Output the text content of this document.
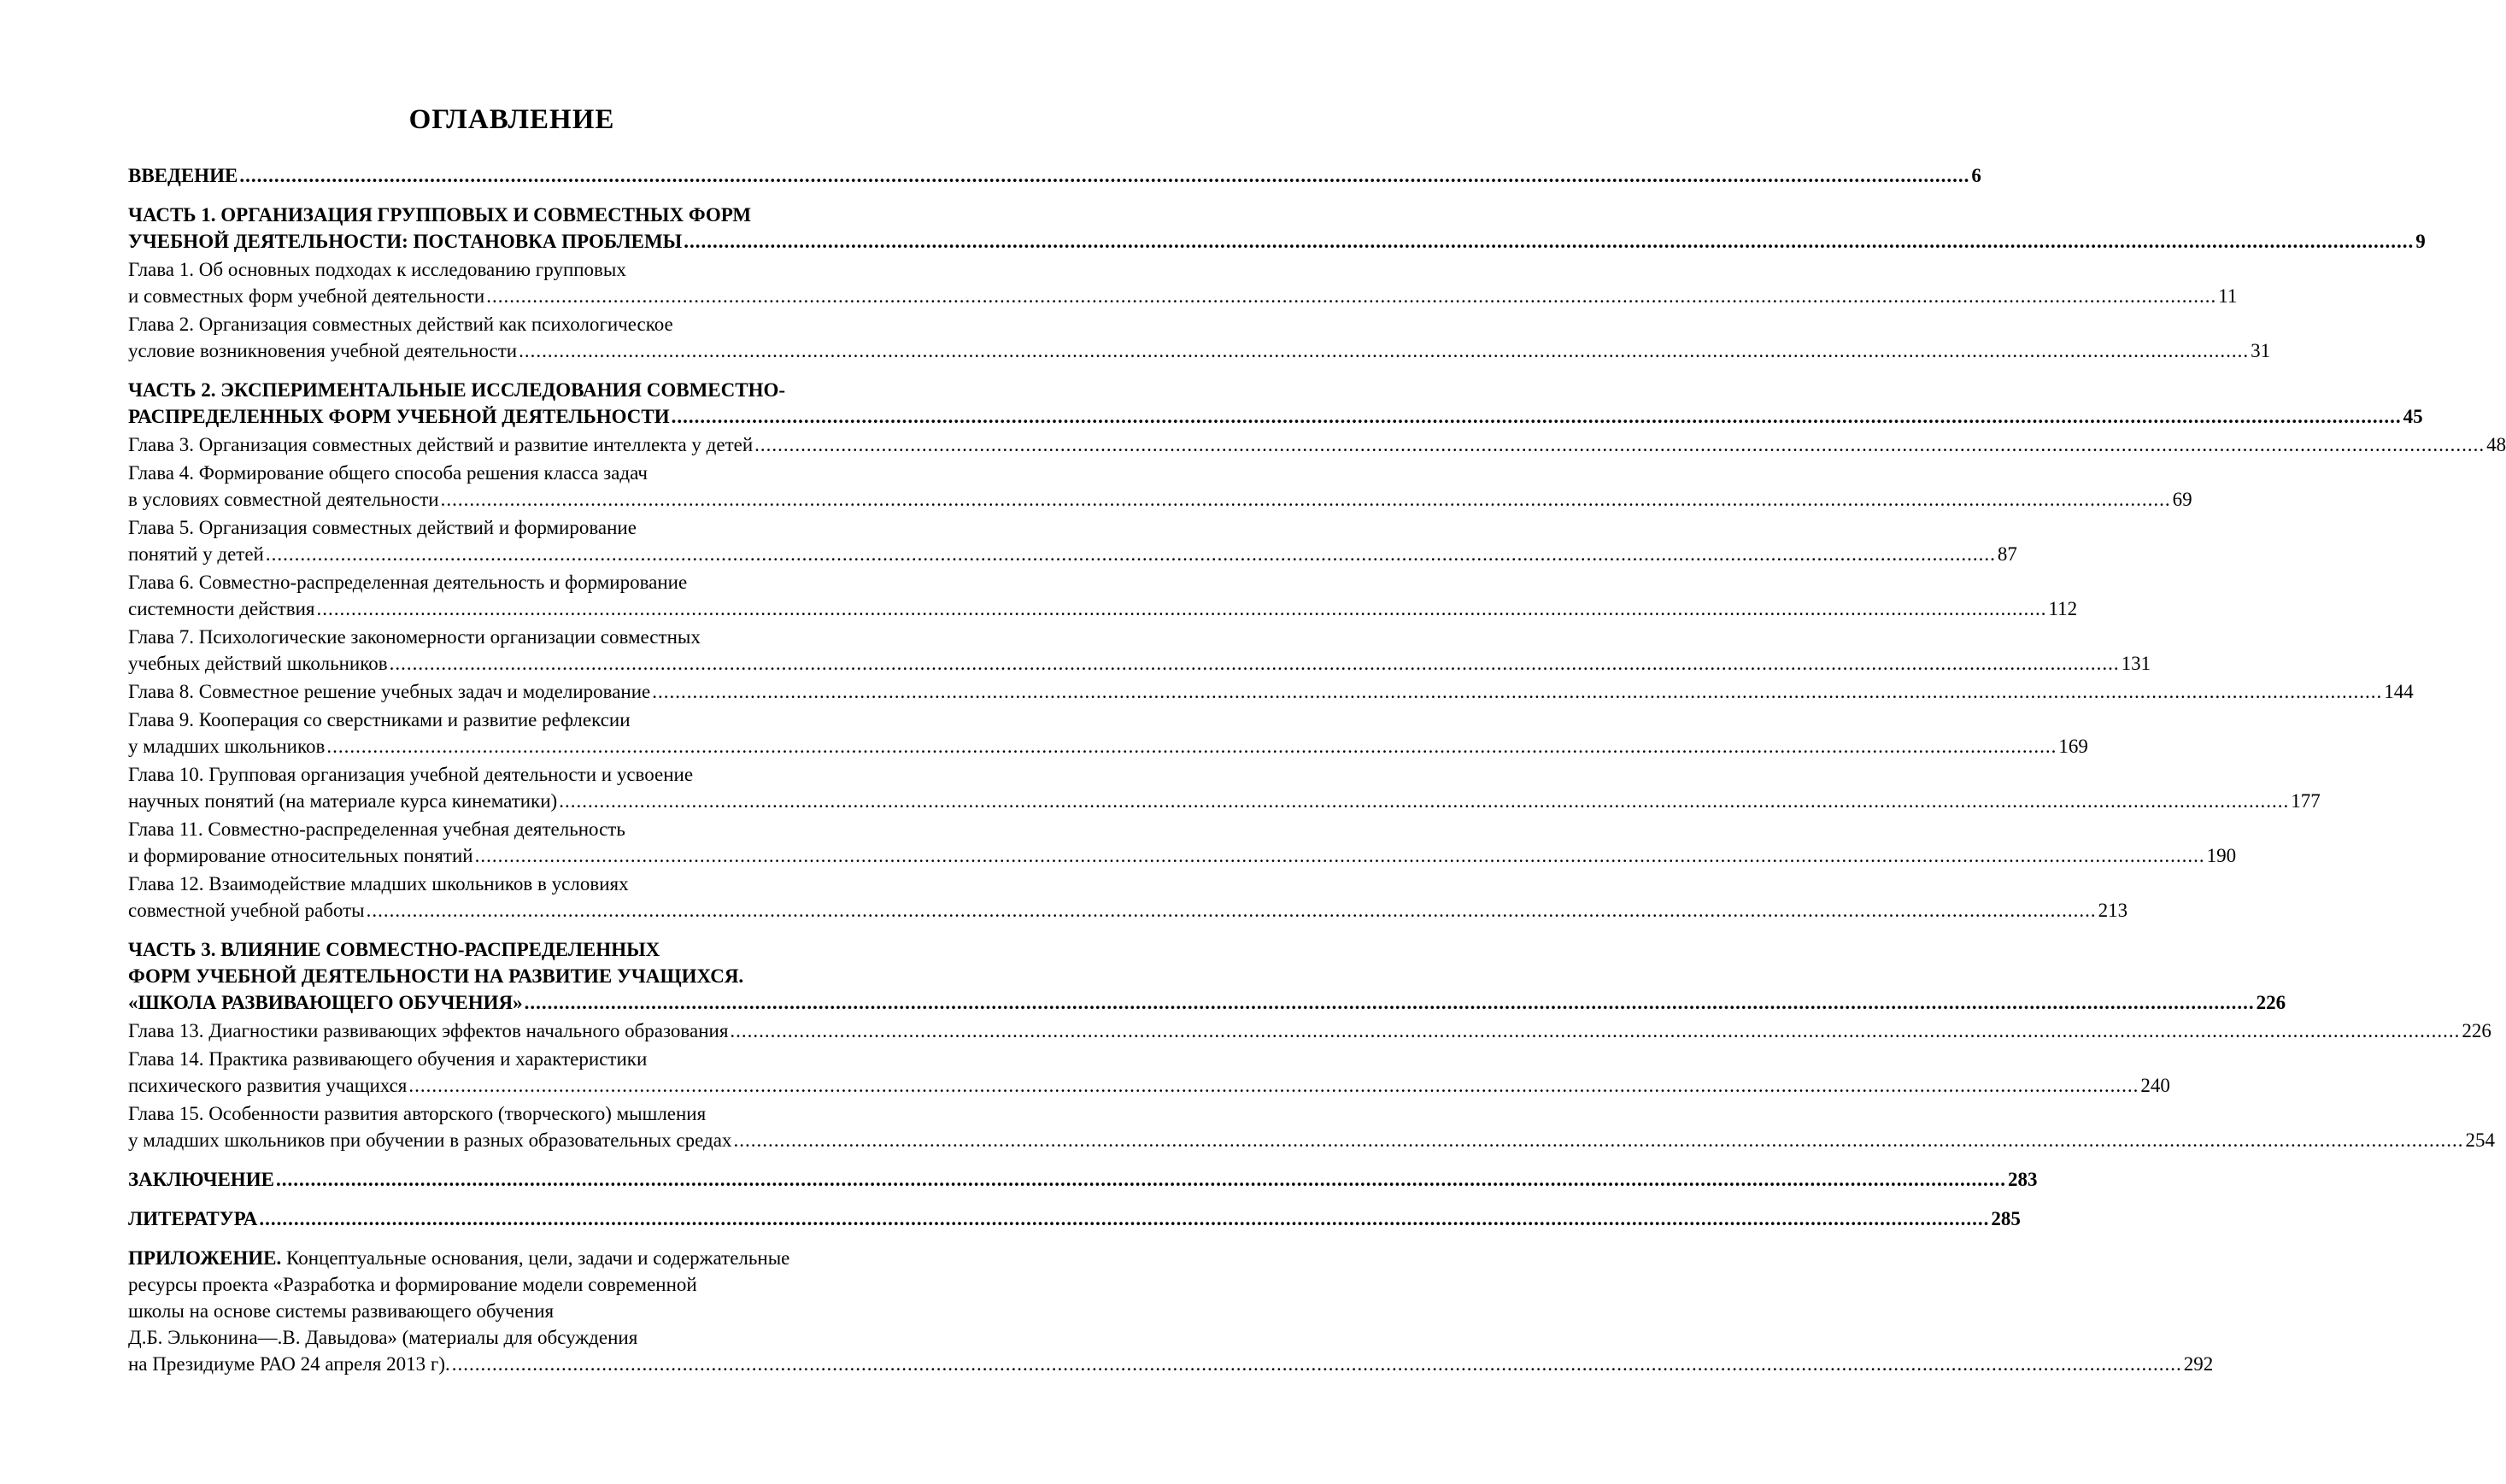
ОГЛАВЛЕНИЕ
ВВЕДЕНИЕ ............................................................................................................................................................................................................................................................................................................ 6
ЧАСТЬ 1. ОРГАНИЗАЦИЯ ГРУППОВЫХ И СОВМЕСТНЫХ ФОРМ
УЧЕБНОЙ ДЕЯТЕЛЬНОСТИ: ПОСТАНОВКА ПРОБЛЕМЫ ............................................................................................................................................................................................................................................................................................................ 9
Глава 1. Об основных подходах к исследованию групповых
и совместных форм учебной деятельности ............................................................................................................................................................................................................................................................................................................ 11
Глава 2. Организация совместных действий как психологическое
условие возникновения учебной деятельности ............................................................................................................................................................................................................................................................................................................ 31
ЧАСТЬ 2. ЭКСПЕРИМЕНТАЛЬНЫЕ ИССЛЕДОВАНИЯ СОВМЕСТНО-
РАСПРЕДЕЛЕННЫХ ФОРМ УЧЕБНОЙ ДЕЯТЕЛЬНОСТИ ............................................................................................................................................................................................................................................................................................................ 45
Глава 3. Организация совместных действий и развитие интеллекта у детей ............................................................................................................................................................................................................................................................................................................ 48
Глава 4. Формирование общего способа решения класса задач
в условиях совместной деятельности ............................................................................................................................................................................................................................................................................................................ 69
Глава 5. Организация совместных действий и формирование
понятий у детей ............................................................................................................................................................................................................................................................................................................ 87
Глава 6. Совместно-распределенная деятельность и формирование
системности действия ............................................................................................................................................................................................................................................................................................................ 112
Глава 7. Психологические закономерности организации совместных
учебных действий школьников ............................................................................................................................................................................................................................................................................................................ 131
Глава 8. Совместное решение учебных задач и моделирование ............................................................................................................................................................................................................................................................................................................ 144
Глава 9. Кооперация со сверстниками и развитие рефлексии
у младших школьников ............................................................................................................................................................................................................................................................................................................ 169
Глава 10. Групповая организация учебной деятельности и усвоение
научных понятий (на материале курса кинематики) ............................................................................................................................................................................................................................................................................................................ 177
Глава 11. Совместно-распределенная учебная деятельность
и формирование относительных понятий ............................................................................................................................................................................................................................................................................................................ 190
Глава 12. Взаимодействие младших школьников в условиях
совместной учебной работы ............................................................................................................................................................................................................................................................................................................ 213
ЧАСТЬ 3. ВЛИЯНИЕ СОВМЕСТНО-РАСПРЕДЕЛЕННЫХ
ФОРМ УЧЕБНОЙ ДЕЯТЕЛЬНОСТИ НА РАЗВИТИЕ УЧАЩИХСЯ.
«ШКОЛА РАЗВИВАЮЩЕГО ОБУЧЕНИЯ» ............................................................................................................................................................................................................................................................................................................ 226
Глава 13. Диагностики развивающих эффектов начального образования ............................................................................................................................................................................................................................................................................................................ 226
Глава 14. Практика развивающего обучения и характеристики
психического развития учащихся ............................................................................................................................................................................................................................................................................................................ 240
Глава 15. Особенности развития авторского (творческого) мышления
у младших школьников при обучении в разных образовательных средах ............................................................................................................................................................................................................................................................................................................ 254
ЗАКЛЮЧЕНИЕ ............................................................................................................................................................................................................................................................................................................ 283
ЛИТЕРАТУРА ............................................................................................................................................................................................................................................................................................................ 285
ПРИЛОЖЕНИЕ. Концептуальные основания, цели, задачи и содержательные
ресурсы проекта «Разработка и формирование модели современной
школы на основе системы развивающего обучения
Д.Б. Эльконина—.В. Давыдова» (материалы для обсуждения
на Президиуме РАО 24 апреля 2013 г). ............................................................................................................................................................................................................................................................................................................ 292
